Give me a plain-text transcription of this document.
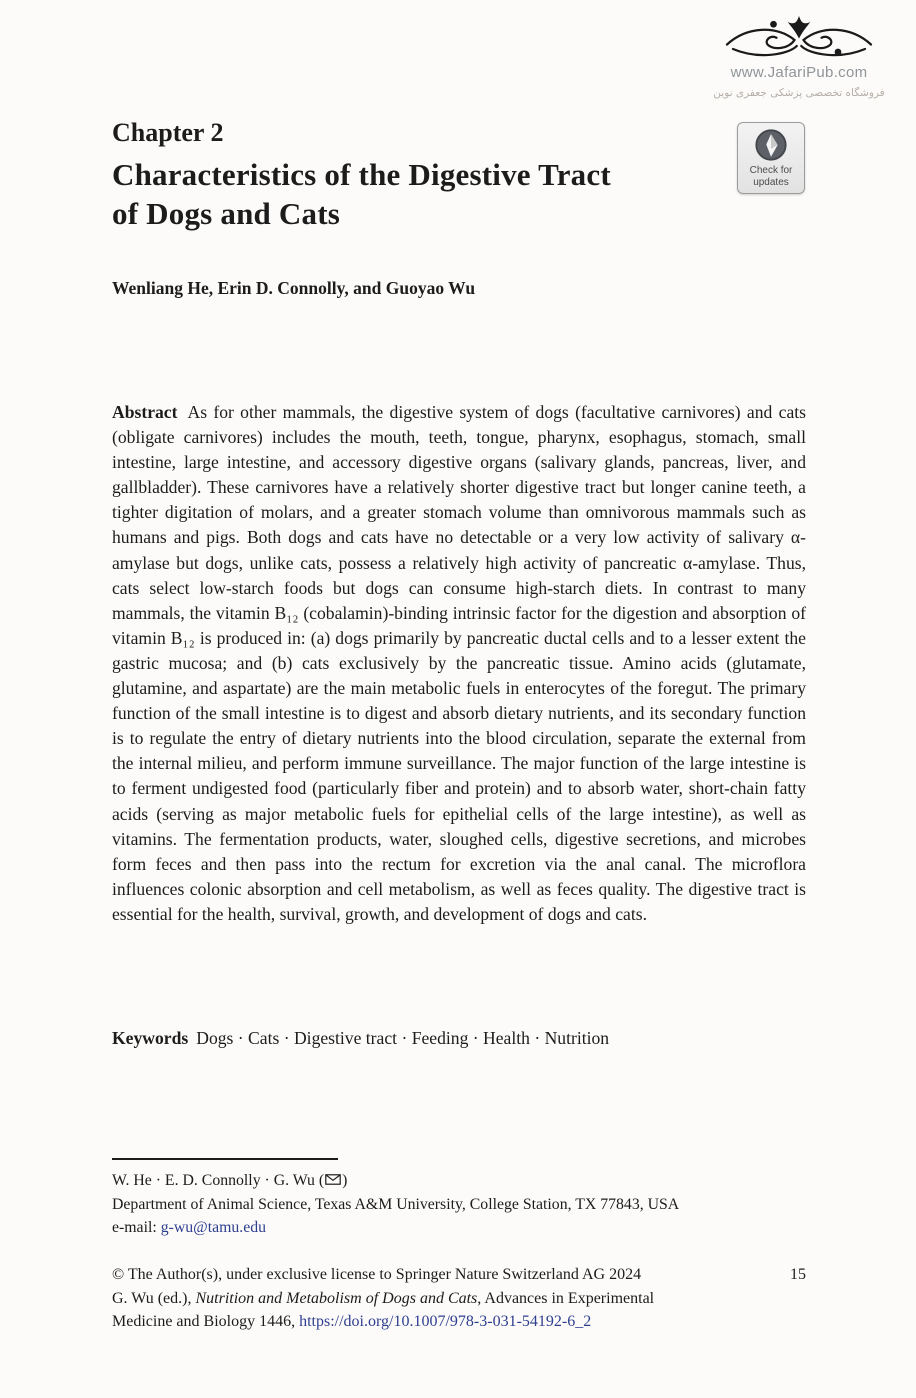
www.JafariPub.com
فروشگاه تخصصی پزشکی جعفری نوین
Check for
updates
Chapter 2
Characteristics of the Digestive Tract
of Dogs and Cats
Wenliang He, Erin D. Connolly, and Guoyao Wu

Abstract As for other mammals, the digestive system of dogs (facultative carnivores) and cats (obligate carnivores) includes the mouth, teeth, tongue, pharynx, esophagus, stomach, small intestine, large intestine, and accessory digestive organs (salivary glands, pancreas, liver, and gallbladder). These carnivores have a relatively shorter digestive tract but longer canine teeth, a tighter digitation of molars, and a greater stomach volume than omnivorous mammals such as humans and pigs. Both dogs and cats have no detectable or a very low activity of salivary α-amylase but dogs, unlike cats, possess a relatively high activity of pancreatic α-amylase. Thus, cats select low-starch foods but dogs can consume high-starch diets. In contrast to many mammals, the vitamin B₁₂ (cobalamin)-binding intrinsic factor for the digestion and absorption of vitamin B₁₂ is produced in: (a) dogs primarily by pancreatic ductal cells and to a lesser extent the gastric mucosa; and (b) cats exclusively by the pancreatic tissue. Amino acids (glutamate, glutamine, and aspartate) are the main metabolic fuels in enterocytes of the foregut. The primary function of the small intestine is to digest and absorb dietary nutrients, and its secondary function is to regulate the entry of dietary nutrients into the blood circulation, separate the external from the internal milieu, and perform immune surveillance. The major function of the large intestine is to ferment undigested food (particularly fiber and protein) and to absorb water, short-chain fatty acids (serving as major metabolic fuels for epithelial cells of the large intestine), as well as vitamins. The fermentation products, water, sloughed cells, digestive secretions, and microbes form feces and then pass into the rectum for excretion via the anal canal. The microflora influences colonic absorption and cell metabolism, as well as feces quality. The digestive tract is essential for the health, survival, growth, and development of dogs and cats.

Keywords Dogs · Cats · Digestive tract · Feeding · Health · Nutrition

W. He · E. D. Connolly · G. Wu ( )
Department of Animal Science, Texas A&M University, College Station, TX 77843, USA
e-mail: g-wu@tamu.edu
© The Author(s), under exclusive license to Springer Nature Switzerland AG 2024	15
G. Wu (ed.), Nutrition and Metabolism of Dogs and Cats, Advances in Experimental
Medicine and Biology 1446, https://doi.org/10.1007/978-3-031-54192-6_2
